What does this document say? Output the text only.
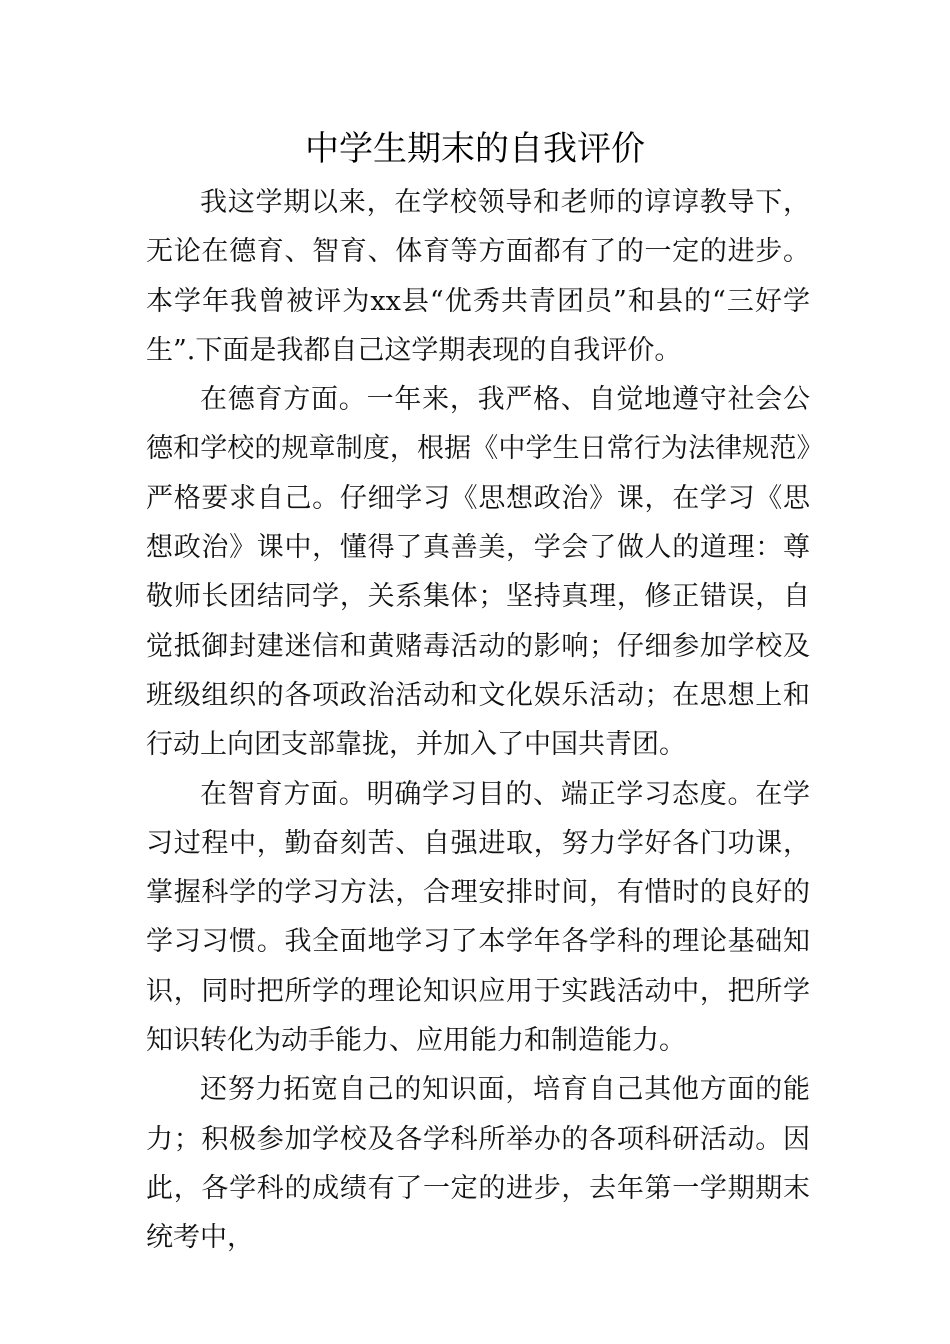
中学生期末的自我评价

我这学期以来，在学校领导和老师的谆谆教导下，无论在德育、智育、体育等方面都有了的一定的进步。本学年我曾被评为xx县“优秀共青团员”和县的“三好学生”.下面是我都自己这学期表现的自我评价。

在德育方面。一年来，我严格、自觉地遵守社会公德和学校的规章制度，根据《中学生日常行为法律规范》严格要求自己。仔细学习《思想政治》课，在学习《思想政治》课中，懂得了真善美，学会了做人的道理：尊敬师长团结同学，关系集体；坚持真理，修正错误，自觉抵御封建迷信和黄赌毒活动的影响；仔细参加学校及班级组织的各项政治活动和文化娱乐活动；在思想上和行动上向团支部靠拢，并加入了中国共青团。

在智育方面。明确学习目的、端正学习态度。在学习过程中，勤奋刻苦、自强进取，努力学好各门功课，掌握科学的学习方法，合理安排时间，有惜时的良好的学习习惯。我全面地学习了本学年各学科的理论基础知识，同时把所学的理论知识应用于实践活动中，把所学知识转化为动手能力、应用能力和制造能力。

还努力拓宽自己的知识面，培育自己其他方面的能力；积极参加学校及各学科所举办的各项科研活动。因此，各学科的成绩有了一定的进步，去年第一学期期末统考中，
